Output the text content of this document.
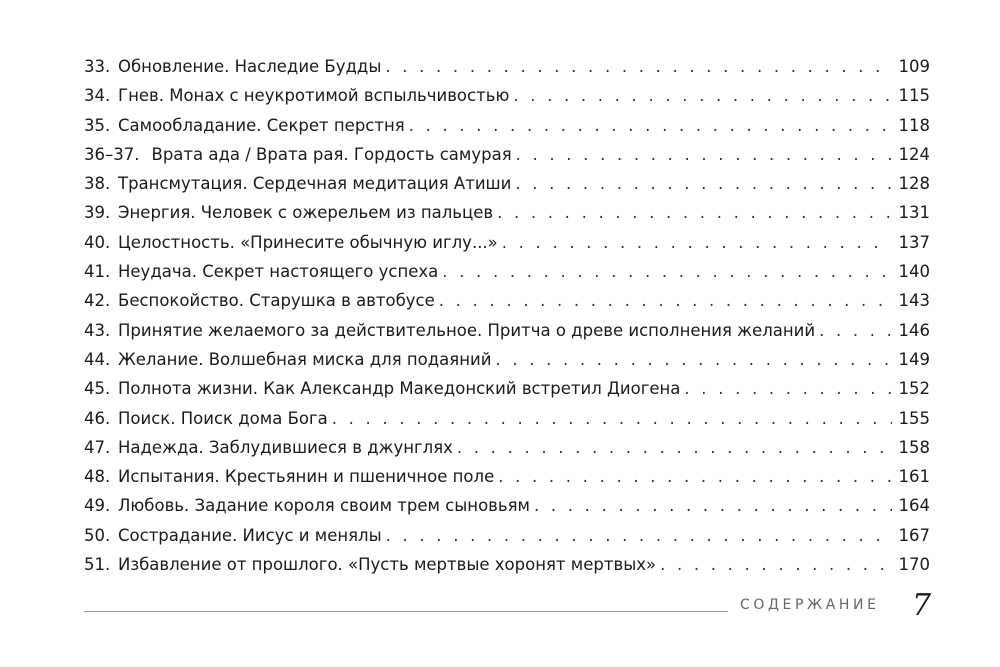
33. Обновление. Наследие Будды . . .	109
34. Гнев. Монах с неукротимой вспыльчивостью . . .	115
35. Самообладание. Секрет перстня . . .	118
36–37. Врата ада / Врата рая. Гордость самурая . . .	124
38. Трансмутация. Сердечная медитация Атиши . . .	128
39. Энергия. Человек с ожерельем из пальцев . . .	131
40. Целостность. «Принесите обычную иглу...» . . .	137
41. Неудача. Секрет настоящего успеха . . .	140
42. Беспокойство. Старушка в автобусе . . .	143
43. Принятие желаемого за действительное. Притча о древе исполнения желаний . . .	146
44. Желание. Волшебная миска для подаяний . . .	149
45. Полнота жизни. Как Александр Македонский встретил Диогена . . .	152
46. Поиск. Поиск дома Бога . . .	155
47. Надежда. Заблудившиеся в джунглях . . .	158
48. Испытания. Крестьянин и пшеничное поле . . .	161
49. Любовь. Задание короля своим трем сыновьям . . .	164
50. Сострадание. Иисус и менялы . . .	167
51. Избавление от прошлого. «Пусть мертвые хоронят мертвых» . . .	170
СОДЕРЖАНИЕ 7
